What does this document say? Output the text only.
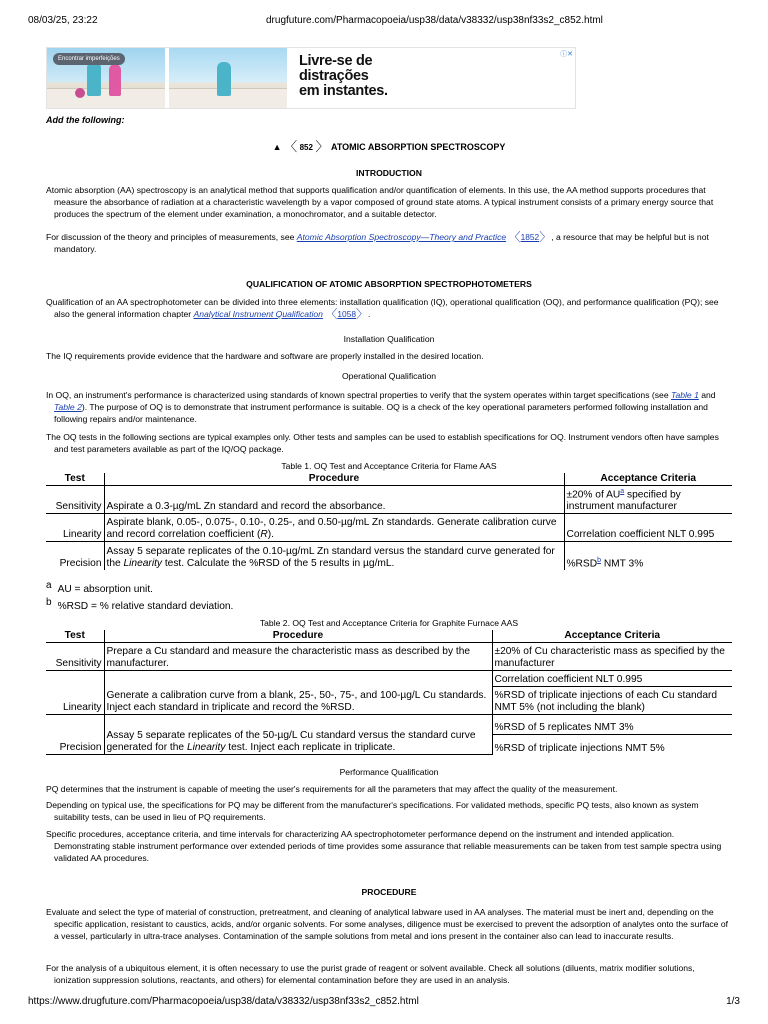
08/03/25, 23:22	drugfuture.com/Pharmacopoeia/usp38/data/v38332/usp38nf33s2_c852.html
Encontrar imperfeições	Livre-se de
distrações
em instantes.
ⓘ✕
Add the following:
▲ 〈 852 〉 ATOMIC ABSORPTION SPECTROSCOPY
INTRODUCTION
Atomic absorption (AA) spectroscopy is an analytical method that supports qualification and/or quantification of elements. In this use, the AA method supports procedures that measure the absorbance of radiation at a characteristic wavelength by a vapor composed of ground state atoms. A typical instrument consists of a primary energy source that produces the spectrum of the element under examination, a monochromator, and a suitable detector.
For discussion of the theory and principles of measurements, see Atomic Absorption Spectroscopy—Theory and Practice 〈1852〉, a resource that may be helpful but is not mandatory.
QUALIFICATION OF ATOMIC ABSORPTION SPECTROPHOTOMETERS
Qualification of an AA spectrophotometer can be divided into three elements: installation qualification (IQ), operational qualification (OQ), and performance qualification (PQ); see also the general information chapter Analytical Instrument Qualification 〈1058〉.
Installation Qualification
The IQ requirements provide evidence that the hardware and software are properly installed in the desired location.
Operational Qualification
In OQ, an instrument's performance is characterized using standards of known spectral properties to verify that the system operates within target specifications (see Table 1 and Table 2). The purpose of OQ is to demonstrate that instrument performance is suitable. OQ is a check of the key operational parameters performed following installation and following repairs and/or maintenance.
The OQ tests in the following sections are typical examples only. Other tests and samples can be used to establish specifications for OQ. Instrument vendors often have samples and test parameters available as part of the IQ/OQ package.
Table 1. OQ Test and Acceptance Criteria for Flame AAS
Test	Procedure	Acceptance Criteria
Sensitivity	Aspirate a 0.3-µg/mL Zn standard and record the absorbance.	±20% of AU$^a$ specified by instrument manufacturer
Linearity	Aspirate blank, 0.05-, 0.075-, 0.10-, 0.25-, and 0.50-µg/mL Zn standards. Generate calibration curve and record correlation coefficient (R).	Correlation coefficient NLT 0.995
Precision	Assay 5 separate replicates of the 0.10-µg/mL Zn standard versus the standard curve generated for the Linearity test. Calculate the %RSD of the 5 results in µg/mL.	%RSD$^b$ NMT 3%
$^a$ AU = absorption unit.
$^b$ %RSD = % relative standard deviation.
Table 2. OQ Test and Acceptance Criteria for Graphite Furnace AAS
Test	Procedure	Acceptance Criteria
Sensitivity	Prepare a Cu standard and measure the characteristic mass as described by the manufacturer.	±20% of Cu characteristic mass as specified by the manufacturer
Linearity	Generate a calibration curve from a blank, 25-, 50-, 75-, and 100-µg/L Cu standards. Inject each standard in triplicate and record the %RSD.	Correlation coefficient NLT 0.995
		%RSD of triplicate injections of each Cu standard NMT 5% (not including the blank)
Precision	Assay 5 separate replicates of the 50-µg/L Cu standard versus the standard curve generated for the Linearity test. Inject each replicate in triplicate.	%RSD of 5 replicates NMT 3%
		%RSD of triplicate injections NMT 5%
Performance Qualification
PQ determines that the instrument is capable of meeting the user's requirements for all the parameters that may affect the quality of the measurement.
Depending on typical use, the specifications for PQ may be different from the manufacturer's specifications. For validated methods, specific PQ tests, also known as system suitability tests, can be used in lieu of PQ requirements.
Specific procedures, acceptance criteria, and time intervals for characterizing AA spectrophotometer performance depend on the instrument and intended application. Demonstrating stable instrument performance over extended periods of time provides some assurance that reliable measurements can be taken from test sample spectra using validated AA procedures.
PROCEDURE
Evaluate and select the type of material of construction, pretreatment, and cleaning of analytical labware used in AA analyses. The material must be inert and, depending on the specific application, resistant to caustics, acids, and/or organic solvents. For some analyses, diligence must be exercised to prevent the adsorption of analytes onto the surface of a vessel, particularly in ultra-trace analyses. Contamination of the sample solutions from metal and ions present in the container also can lead to inaccurate results.
For the analysis of a ubiquitous element, it is often necessary to use the purist grade of reagent or solvent available. Check all solutions (diluents, matrix modifier solutions, ionization suppression solutions, reactants, and others) for elemental contamination before they are used in an analysis.
https://www.drugfuture.com/Pharmacopoeia/usp38/data/v38332/usp38nf33s2_c852.html	1/3
